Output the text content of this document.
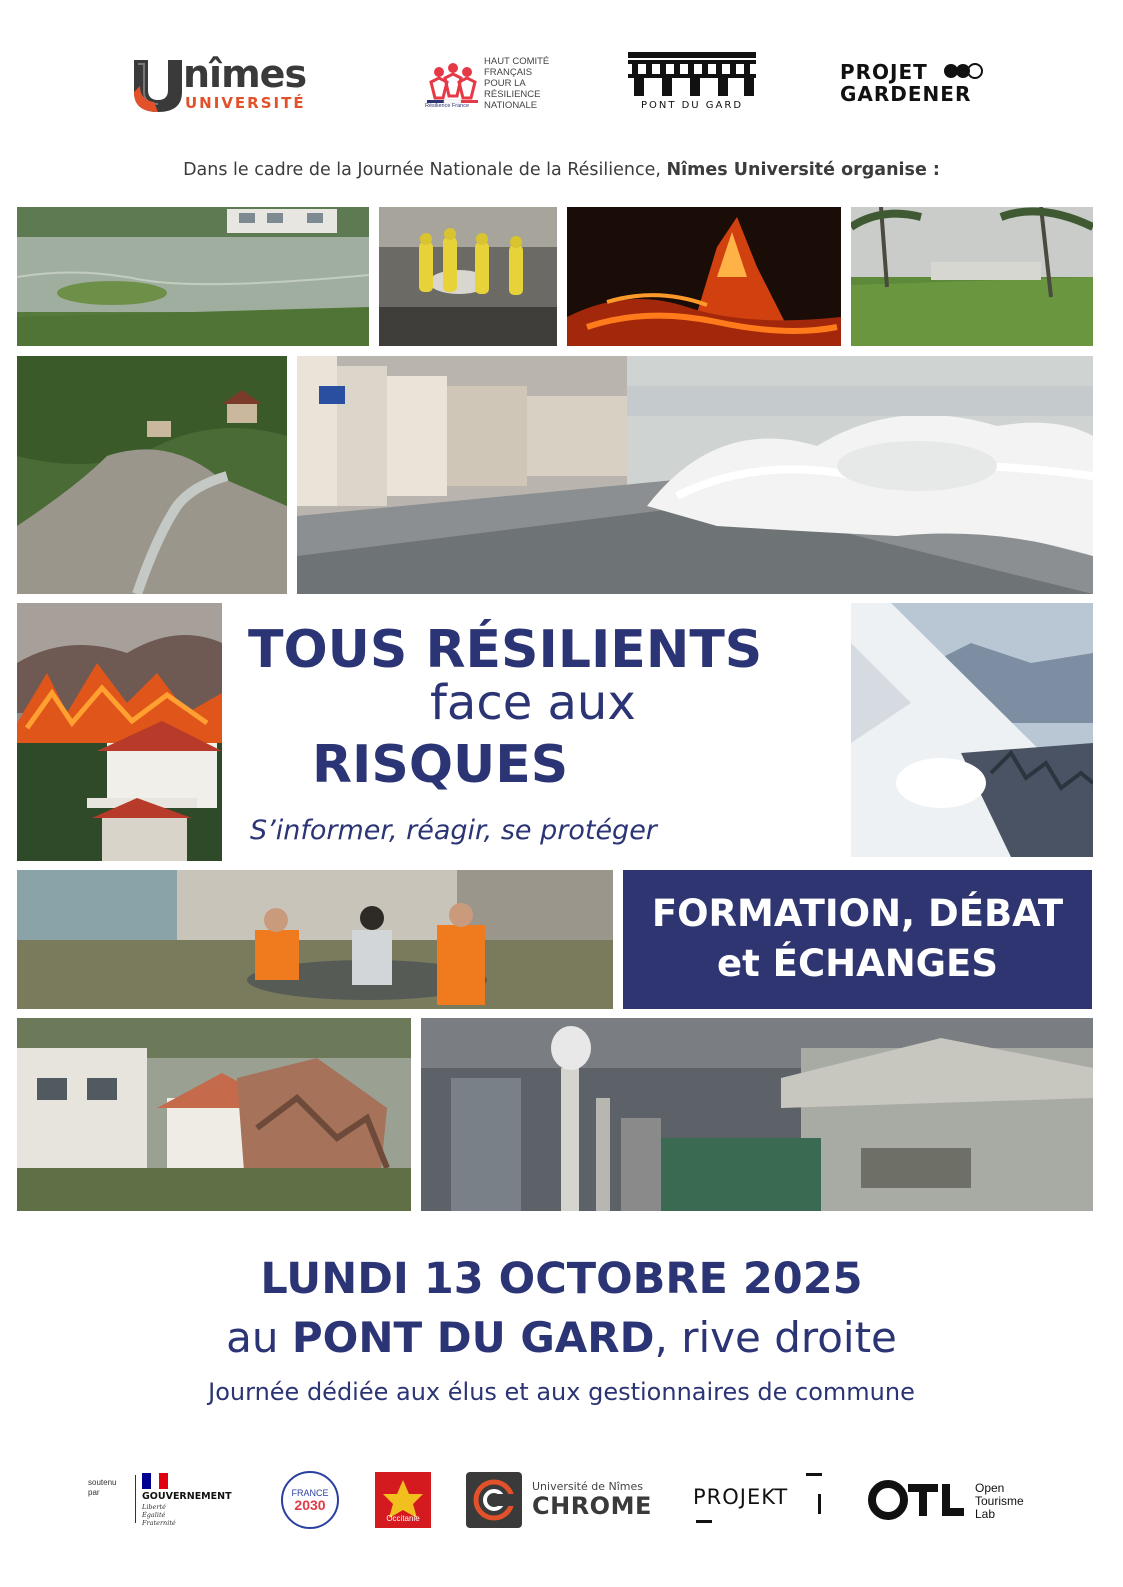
nîmes
UNIVERSITÉ
HAUT COMITÉ
FRANÇAIS
POUR LA
RÉSILIENCE
NATIONALE
Résilience France	PONT DU GARD
PROJET
GARDENER
Dans le cadre de la Journée Nationale de la Résilience, Nîmes Université organise :
TOUS RÉSILIENTS
face aux
RISQUES
S’informer, réagir, se protéger
FORMATION, DÉBAT
et ÉCHANGES
LUNDI 13 OCTOBRE 2025
au PONT DU GARD, rive droite
Journée dédiée aux élus et aux gestionnaires de commune
soutenu par	GOUVERNEMENT
Liberté
Égalité
Fraternité
FRANCE
2030
Occitanie
Université de Nîmes
CHROME PROJEKT	Open
Tourisme
Lab
